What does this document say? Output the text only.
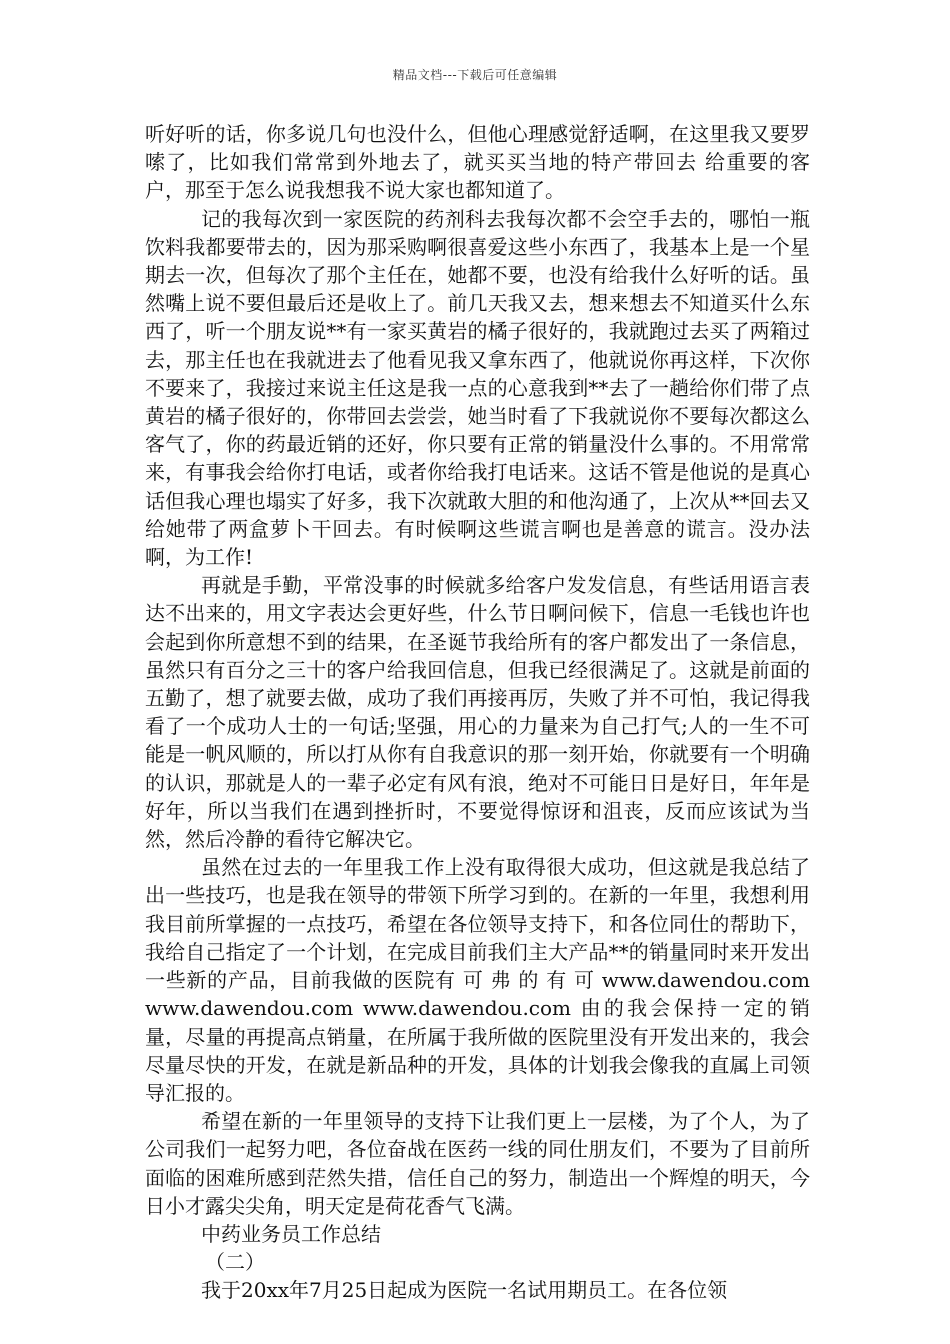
精品文档---下载后可任意编辑

听好听的话，你多说几句也没什么，但他心理感觉舒适啊，在这里我又要罗嗦了，比如我们常常到外地去了，就买买当地的特产带回去 给重要的客户，那至于怎么说我想我不说大家也都知道了。

记的我每次到一家医院的药剂科去我每次都不会空手去的，哪怕一瓶饮料我都要带去的，因为那采购啊很喜爱这些小东西了，我基本上是一个星期去一次，但每次了那个主任在，她都不要，也没有给我什么好听的话。虽然嘴上说不要但最后还是收上了。前几天我又去，想来想去不知道买什么东西了，听一个朋友说**有一家买黄岩的橘子很好的，我就跑过去买了两箱过去，那主任也在我就进去了他看见我又拿东西了，他就说你再这样，下次你不要来了，我接过来说主任这是我一点的心意我到**去了一趟给你们带了点黄岩的橘子很好的，你带回去尝尝，她当时看了下我就说你不要每次都这么客气了，你的药最近销的还好，你只要有正常的销量没什么事的。不用常常来，有事我会给你打电话，或者你给我打电话来。这话不管是他说的是真心话但我心理也塌实了好多，我下次就敢大胆的和他沟通了，上次从**回去又给她带了两盒萝卜干回去。有时候啊这些谎言啊也是善意的谎言。没办法啊，为工作!

再就是手勤，平常没事的时候就多给客户发发信息，有些话用语言表达不出来的，用文字表达会更好些，什么节日啊问候下，信息一毛钱也许也会起到你所意想不到的结果，在圣诞节我给所有的客户都发出了一条信息，虽然只有百分之三十的客户给我回信息，但我已经很满足了。这就是前面的五勤了，想了就要去做，成功了我们再接再厉，失败了并不可怕，我记得我看了一个成功人士的一句话;坚强，用心的力量来为自己打气;人的一生不可能是一帆风顺的，所以打从你有自我意识的那一刻开始，你就要有一个明确的认识，那就是人的一辈子必定有风有浪，绝对不可能日日是好日，年年是好年，所以当我们在遇到挫折时，不要觉得惊讶和沮丧，反而应该试为当然，然后冷静的看待它解决它。

虽然在过去的一年里我工作上没有取得很大成功，但这就是我总结了出一些技巧，也是我在领导的带领下所学习到的。在新的一年里，我想利用我目前所掌握的一点技巧，希望在各位领导支持下，和各位同仕的帮助下，我给自己指定了一个计划，在完成目前我们主大产品**的销量同时来开发出一些新的产品，目前我做的医院有 可 弗 的 有 可 www.dawendou.com www.dawendou.com www.dawendou.com 由的我会保持一定的销量，尽量的再提高点销量，在所属于我所做的医院里没有开发出来的，我会尽量尽快的开发，在就是新品种的开发，具体的计划我会像我的直属上司领导汇报的。

希望在新的一年里领导的支持下让我们更上一层楼，为了个人，为了公司我们一起努力吧，各位奋战在医药一线的同仕朋友们，不要为了目前所面临的困难所感到茫然失措，信任自己的努力，制造出一个辉煌的明天，今日小才露尖尖角，明天定是荷花香气飞满。

中药业务员工作总结

（二）

我于20xx年7月25日起成为医院一名试用期员工。在各位领
